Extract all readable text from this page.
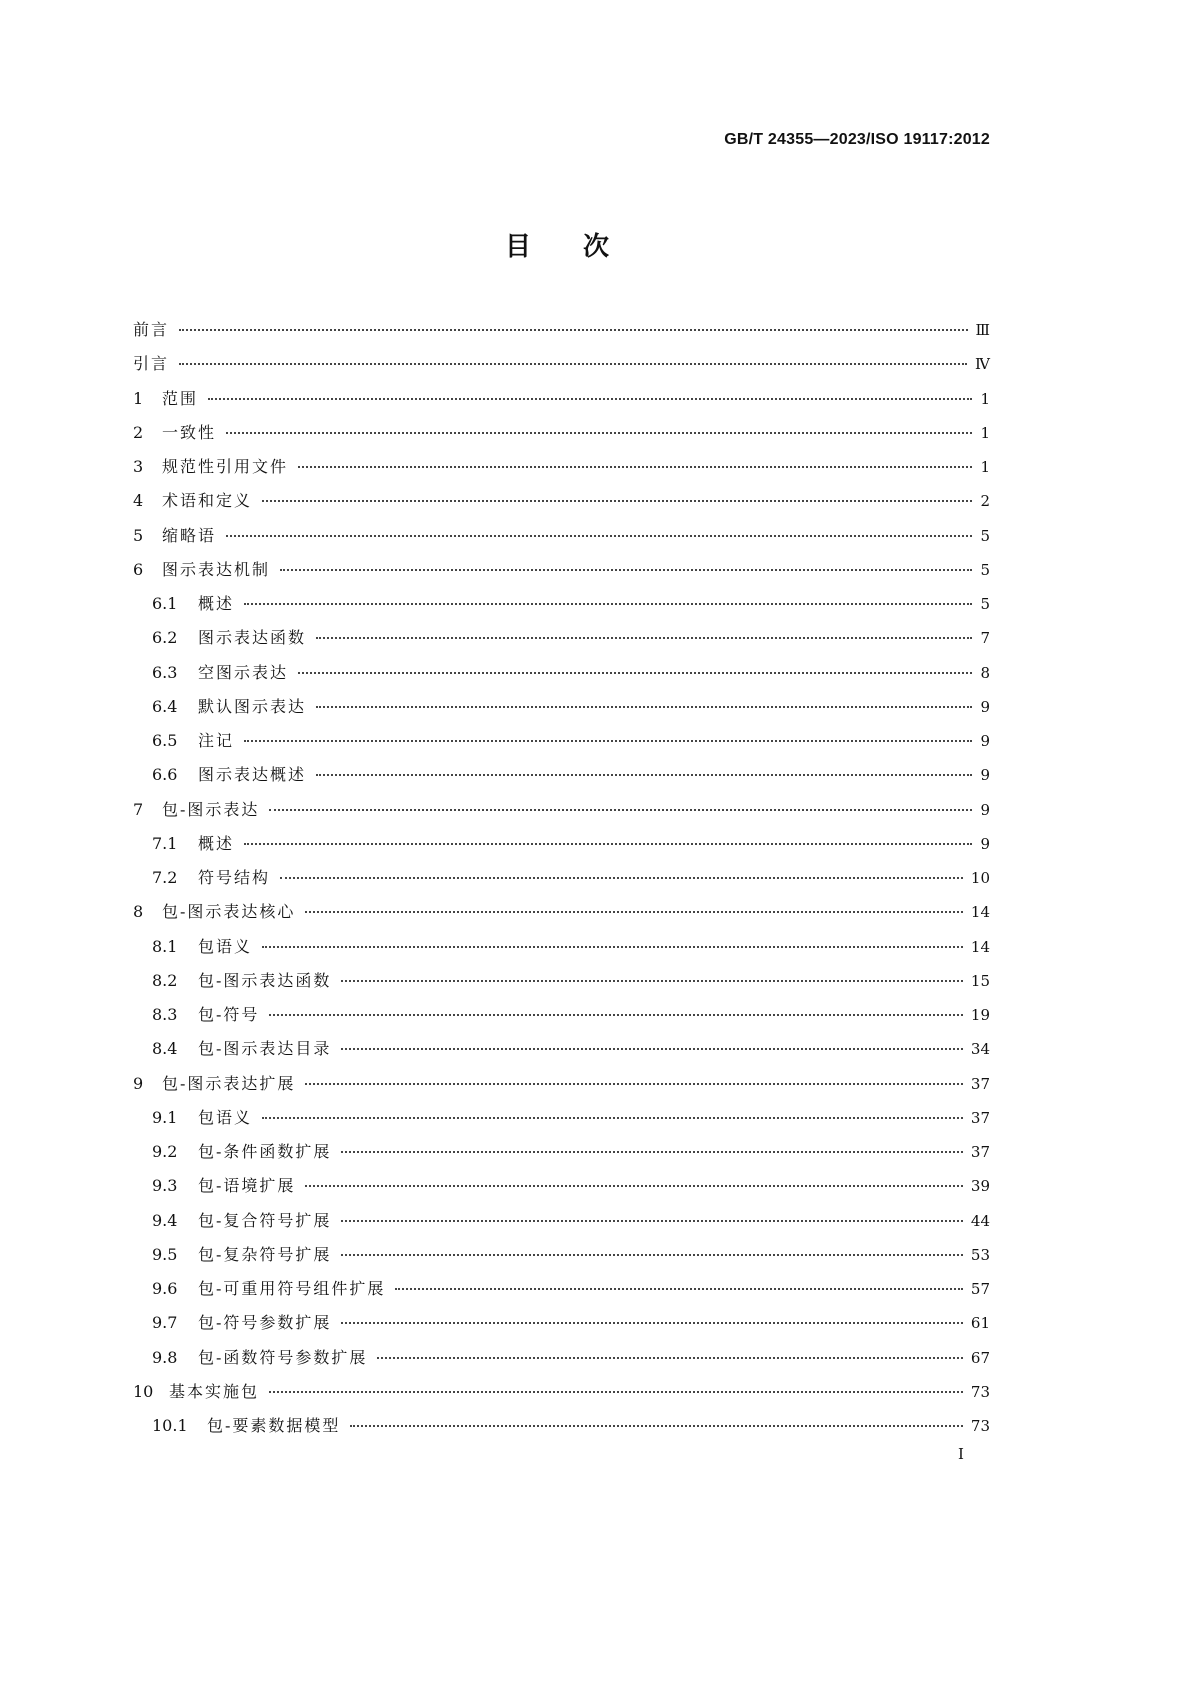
GB/T 24355—2023/ISO 19117:2012
目次
前言	Ⅲ
引言	Ⅳ
1	范围	1
2	一致性	1
3	规范性引用文件	1
4	术语和定义	2
5	缩略语	5
6	图示表达机制	5
6.1	概述	5
6.2	图示表达函数	7
6.3	空图示表达	8
6.4	默认图示表达	9
6.5	注记	9
6.6	图示表达概述	9
7	包-图示表达	9
7.1	概述	9
7.2	符号结构	10
8	包-图示表达核心	14
8.1	包语义	14
8.2	包-图示表达函数	15
8.3	包-符号	19
8.4	包-图示表达目录	34
9	包-图示表达扩展	37
9.1	包语义	37
9.2	包-条件函数扩展	37
9.3	包-语境扩展	39
9.4	包-复合符号扩展	44
9.5	包-复杂符号扩展	53
9.6	包-可重用符号组件扩展	57
9.7	包-符号参数扩展	61
9.8	包-函数符号参数扩展	67
10 基本实施包	73
10.1	包-要素数据模型	73
Ⅰ
